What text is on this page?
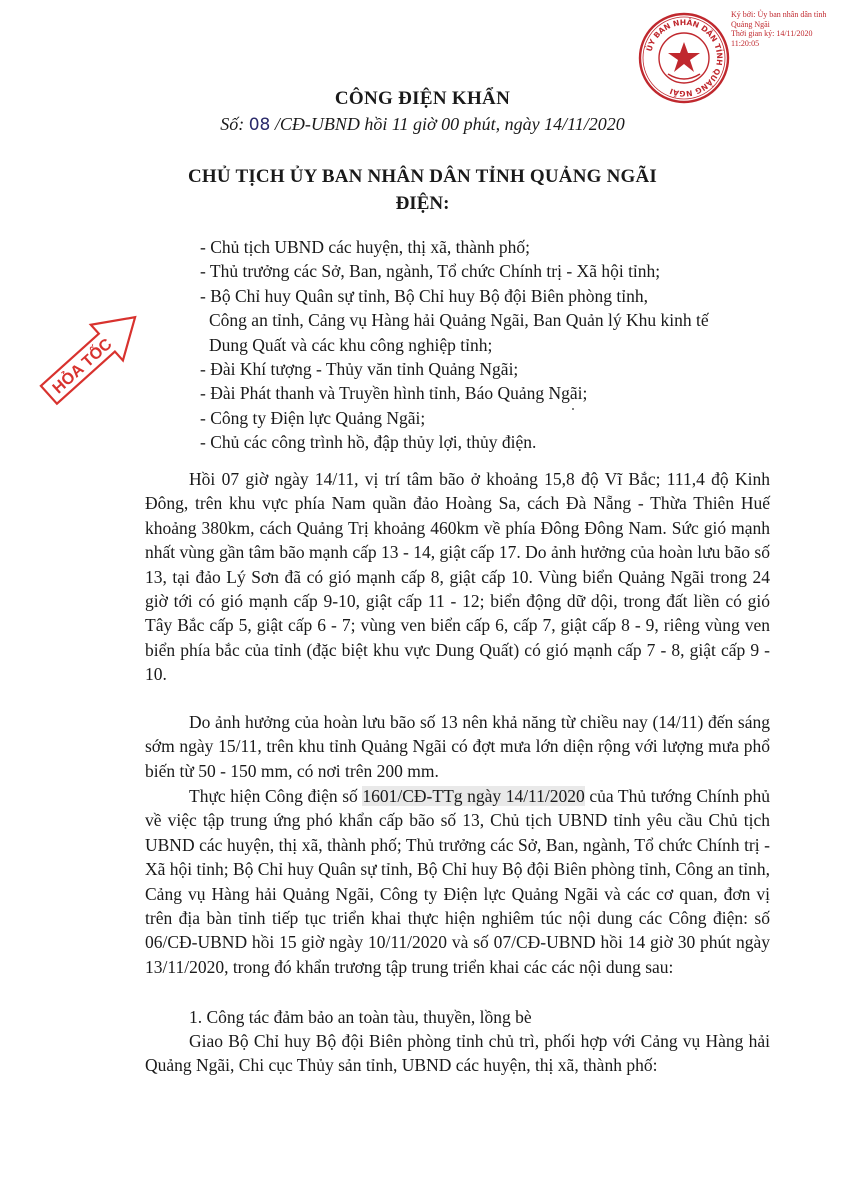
Ký bởi: Ủy ban nhân dân tỉnh
Quảng Ngãi
Thời gian ký: 14/11/2020
11:20:05
ỦY BAN NHÂN DÂN TỈNH QUẢNG NGÃI
CÔNG ĐIỆN KHẨN
Số: 08 /CĐ-UBND hồi 11 giờ 00 phút, ngày 14/11/2020
CHỦ TỊCH ỦY BAN NHÂN DÂN TỈNH QUẢNG NGÃI
ĐIỆN:
HỎA TỐC
- Chủ tịch UBND các huyện, thị xã, thành phố;
- Thủ trưởng các Sở, Ban, ngành, Tổ chức Chính trị - Xã hội tỉnh;
- Bộ Chỉ huy Quân sự tỉnh, Bộ Chỉ huy Bộ đội Biên phòng tỉnh,
Công an tỉnh, Cảng vụ Hàng hải Quảng Ngãi, Ban Quản lý Khu kinh tế
Dung Quất và các khu công nghiệp tỉnh;
- Đài Khí tượng - Thủy văn tỉnh Quảng Ngãi;
- Đài Phát thanh và Truyền hình tỉnh, Báo Quảng Ngãi;
- Công ty Điện lực Quảng Ngãi;
- Chủ các công trình hồ, đập thủy lợi, thủy điện.

Hồi 07 giờ ngày 14/11, vị trí tâm bão ở khoảng 15,8 độ Vĩ Bắc; 111,4 độ Kinh Đông, trên khu vực phía Nam quần đảo Hoàng Sa, cách Đà Nẵng - Thừa Thiên Huế khoảng 380km, cách Quảng Trị khoảng 460km về phía Đông Đông Nam. Sức gió mạnh nhất vùng gần tâm bão mạnh cấp 13 - 14, giật cấp 17. Do ảnh hưởng của hoàn lưu bão số 13, tại đảo Lý Sơn đã có gió mạnh cấp 8, giật cấp 10. Vùng biển Quảng Ngãi trong 24 giờ tới có gió mạnh cấp 9-10, giật cấp 11 - 12; biển động dữ dội, trong đất liền có gió Tây Bắc cấp 5, giật cấp 6 - 7; vùng ven biển cấp 6, cấp 7, giật cấp 8 - 9, riêng vùng ven biển phía bắc của tỉnh (đặc biệt khu vực Dung Quất) có gió mạnh cấp 7 - 8, giật cấp 9 - 10.

Do ảnh hưởng của hoàn lưu bão số 13 nên khả năng từ chiều nay (14/11) đến sáng sớm ngày 15/11, trên khu tỉnh Quảng Ngãi có đợt mưa lớn diện rộng với lượng mưa phổ biến từ 50 - 150 mm, có nơi trên 200 mm.

Thực hiện Công điện số 1601/CĐ-TTg ngày 14/11/2020 của Thủ tướng Chính phủ về việc tập trung ứng phó khẩn cấp bão số 13, Chủ tịch UBND tỉnh yêu cầu Chủ tịch UBND các huyện, thị xã, thành phố; Thủ trưởng các Sở, Ban, ngành, Tổ chức Chính trị - Xã hội tỉnh; Bộ Chỉ huy Quân sự tỉnh, Bộ Chỉ huy Bộ đội Biên phòng tỉnh, Công an tỉnh, Cảng vụ Hàng hải Quảng Ngãi, Công ty Điện lực Quảng Ngãi và các cơ quan, đơn vị trên địa bàn tỉnh tiếp tục triển khai thực hiện nghiêm túc nội dung các Công điện: số 06/CĐ-UBND hồi 15 giờ ngày 10/11/2020 và số 07/CĐ-UBND hồi 14 giờ 30 phút ngày 13/11/2020, trong đó khẩn trương tập trung triển khai các các nội dung sau:

1. Công tác đảm bảo an toàn tàu, thuyền, lồng bè

Giao Bộ Chỉ huy Bộ đội Biên phòng tỉnh chủ trì, phối hợp với Cảng vụ Hàng hải Quảng Ngãi, Chi cục Thủy sản tỉnh, UBND các huyện, thị xã, thành phố:
